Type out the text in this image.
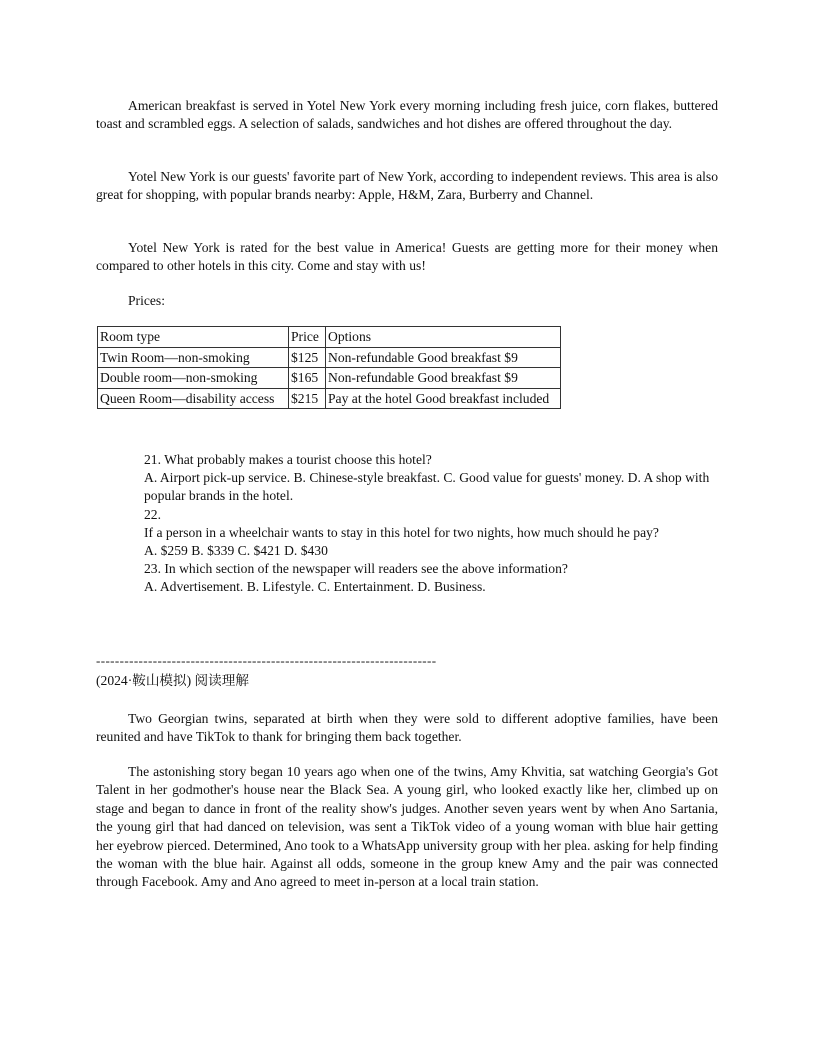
American breakfast is served in Yotel New York every morning including fresh juice, corn flakes, buttered toast and scrambled eggs. A selection of salads, sandwiches and hot dishes are offered throughout the day.

Yotel New York is our guests' favorite part of New York, according to independent reviews. This area is also great for shopping, with popular brands nearby: Apple, H&M, Zara, Burberry and Channel.

Yotel New York is rated for the best value in America! Guests are getting more for their money when compared to other hotels in this city. Come and stay with us!

Prices:

Room type	Price	Options
Twin Room—non-smoking	$125	Non-refundable Good breakfast $9
Double room—non-smoking	$165	Non-refundable Good breakfast $9
Queen Room—disability access	$215	Pay at the hotel Good breakfast included
21. What probably makes a tourist choose this hotel?
A. Airport pick-up service. B. Chinese-style breakfast. C. Good value for guests' money. D. A shop with popular brands in the hotel.
22.
If a person in a wheelchair wants to stay in this hotel for two nights, how much should he pay?
A. $259 B. $339 C. $421 D. $430
23. In which section of the newspaper will readers see the above information?
A. Advertisement. B. Lifestyle. C. Entertainment. D. Business.
------------------------------------------------------------------------
(2024·鞍山模拟) 阅读理解

Two Georgian twins, separated at birth when they were sold to different adoptive families, have been reunited and have TikTok to thank for bringing them back together.

The astonishing story began 10 years ago when one of the twins, Amy Khvitia, sat watching Georgia's Got Talent in her godmother's house near the Black Sea. A young girl, who looked exactly like her, climbed up on stage and began to dance in front of the reality show's judges. Another seven years went by when Ano Sartania, the young girl that had danced on television, was sent a TikTok video of a young woman with blue hair getting her eyebrow pierced. Determined, Ano took to a WhatsApp university group with her plea. asking for help finding the woman with the blue hair. Against all odds, someone in the group knew Amy and the pair was connected through Facebook. Amy and Ano agreed to meet in-person at a local train station.
